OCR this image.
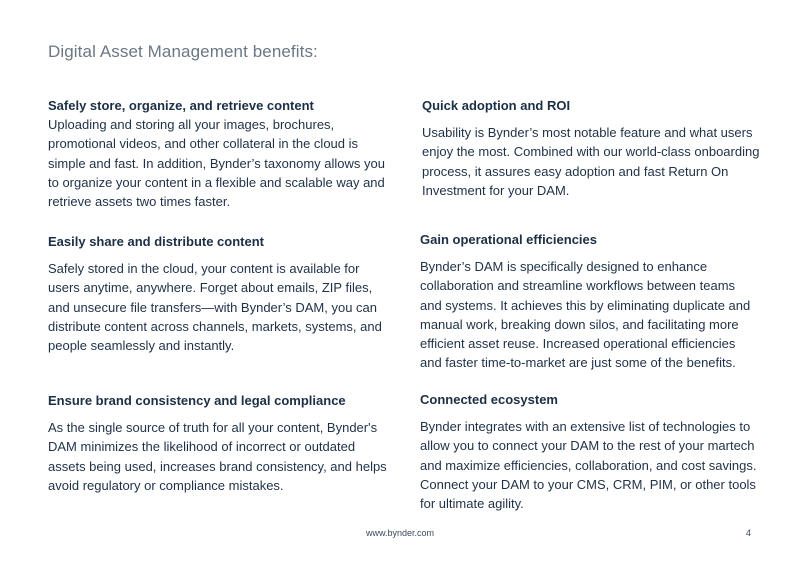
Digital Asset Management benefits:
Safely store, organize, and retrieve content

Uploading and storing all your images, brochures, promotional videos, and other collateral in the cloud is simple and fast. In addition, Bynder’s taxonomy allows you to organize your content in a flexible and scalable way and retrieve assets two times faster.

Quick adoption and ROI

Usability is Bynder’s most notable feature and what users enjoy the most. Combined with our world-class onboarding process, it assures easy adoption and fast Return On Investment for your DAM.

Easily share and distribute content

Safely stored in the cloud, your content is available for users anytime, anywhere. Forget about emails, ZIP files, and unsecure file transfers—with Bynder’s DAM, you can distribute content across channels, markets, systems, and people seamlessly and instantly.

Gain operational efficiencies

Bynder’s DAM is specifically designed to enhance collaboration and streamline workflows between teams and systems. It achieves this by eliminating duplicate and manual work, breaking down silos, and facilitating more efficient asset reuse. Increased operational efficiencies and faster time-to-market are just some of the benefits.

Ensure brand consistency and legal compliance

As the single source of truth for all your content, Bynder's DAM minimizes the likelihood of incorrect or outdated assets being used, increases brand consistency, and helps avoid regulatory or compliance mistakes.

Connected ecosystem

Bynder integrates with an extensive list of technologies to allow you to connect your DAM to the rest of your martech and maximize efficiencies, collaboration, and cost savings. Connect your DAM to your CMS, CRM, PIM, or other tools for ultimate agility.

www.bynder.com	4
